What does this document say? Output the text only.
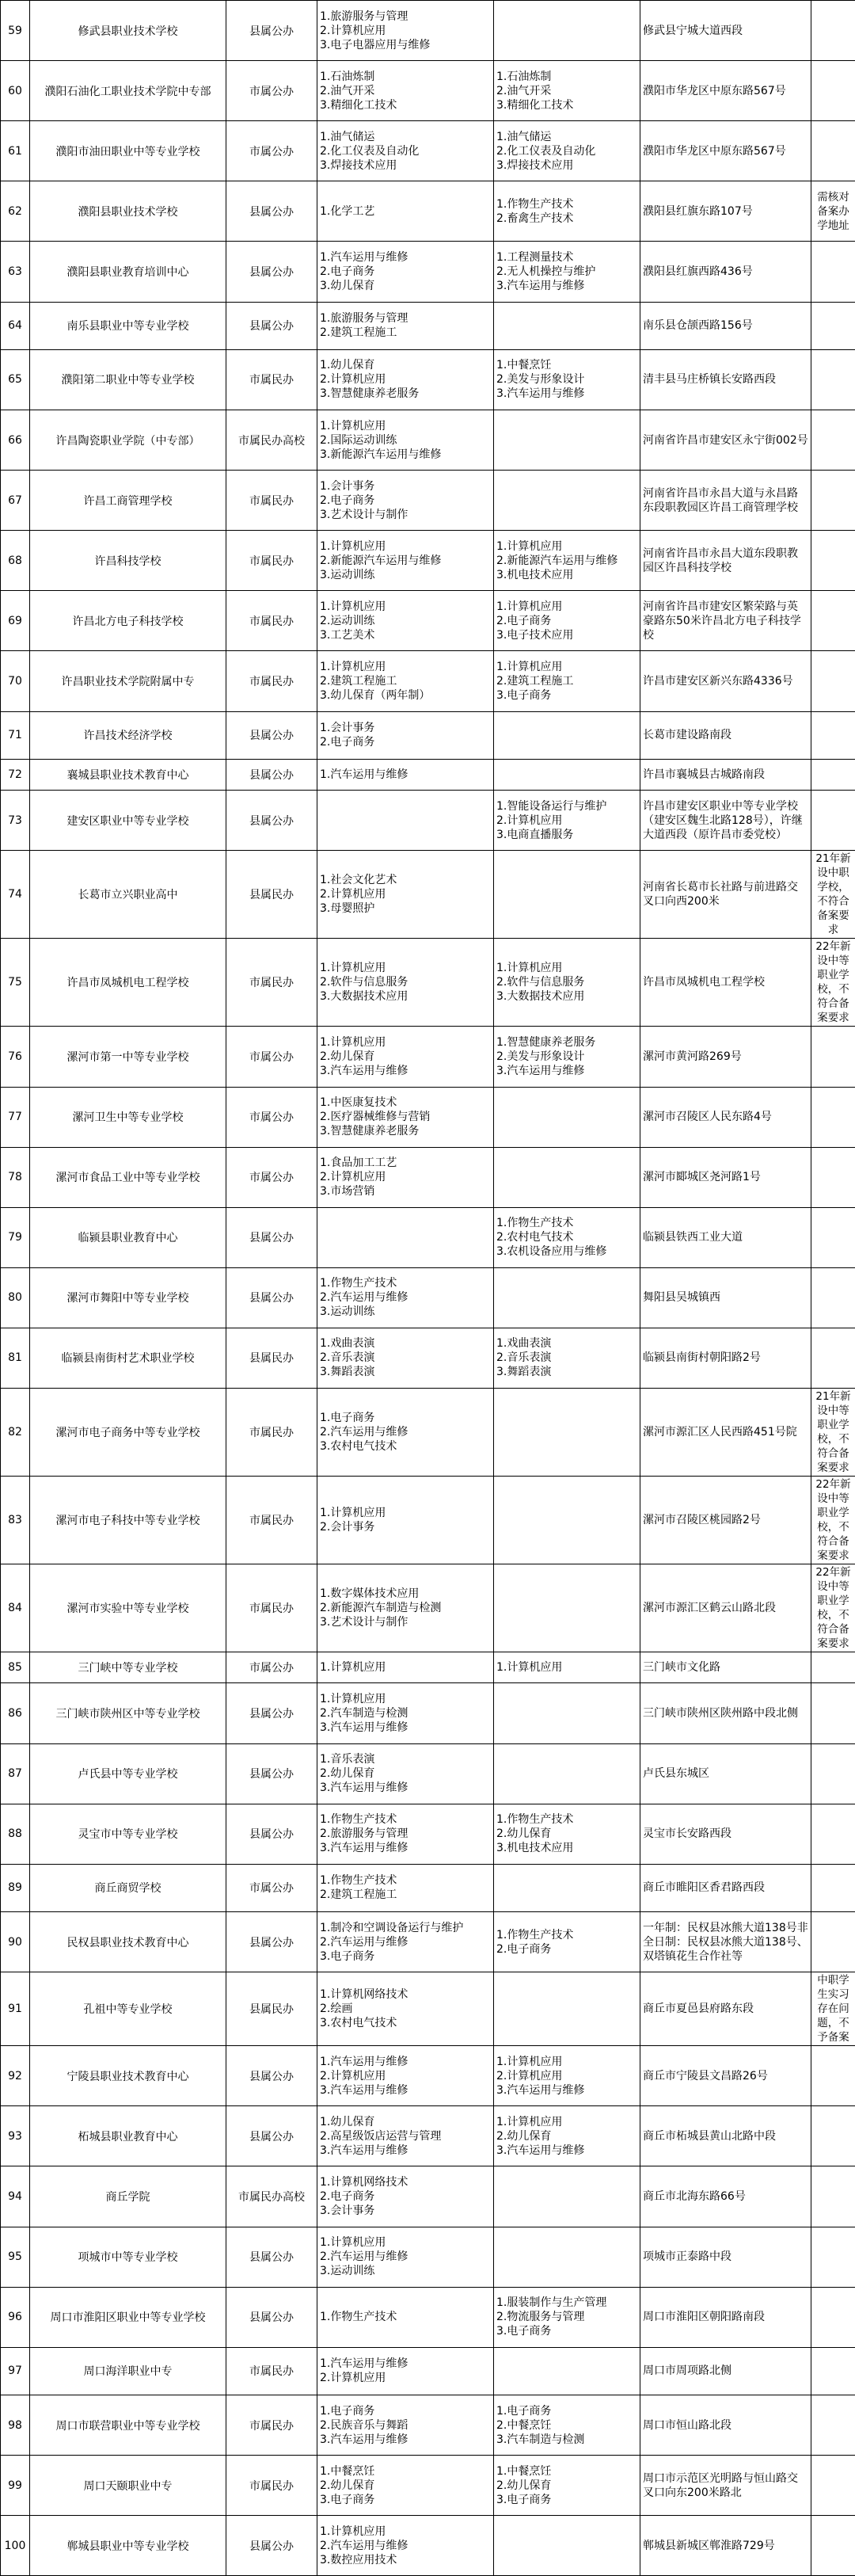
59	修武县职业技术学校	县属公办	1.旅游服务与管理
2.计算机应用
3.电子电器应用与维修		修武县宁城大道西段	

60	濮阳石油化工职业技术学院中专部	市属公办	1.石油炼制
2.油气开采
3.精细化工技术	1.石油炼制
2.油气开采
3.精细化工技术	濮阳市华龙区中原东路567号	

61	濮阳市油田职业中等专业学校	市属公办	1.油气储运
2.化工仪表及自动化
3.焊接技术应用	1.油气储运
2.化工仪表及自动化
3.焊接技术应用	濮阳市华龙区中原东路567号	

62	濮阳县职业技术学校	县属公办	1.化学工艺	1.作物生产技术
2.畜禽生产技术	濮阳县红旗东路107号	需核对备案办学地址

63	濮阳县职业教育培训中心	县属公办	1.汽车运用与维修
2.电子商务
3.幼儿保育	1.工程测量技术
2.无人机操控与维护
3.汽车运用与维修	濮阳县红旗西路436号	

64	南乐县职业中等专业学校	县属公办	1.旅游服务与管理
2.建筑工程施工		南乐县仓颉西路156号	

65	濮阳第二职业中等专业学校	市属民办	1.幼儿保育
2.计算机应用
3.智慧健康养老服务	1.中餐烹饪
2.美发与形象设计
3.汽车运用与维修	清丰县马庄桥镇长安路西段	

66	许昌陶瓷职业学院（中专部）	市属民办高校	1.计算机应用
2.国际运动训练
3.新能源汽车运用与维修		河南省许昌市建安区永宁街002号	

67	许昌工商管理学校	市属民办	1.会计事务
2.电子商务
3.艺术设计与制作		河南省许昌市永昌大道与永昌路东段职教园区许昌工商管理学校	

68	许昌科技学校	市属民办	1.计算机应用
2.新能源汽车运用与维修
3.运动训练	1.计算机应用
2.新能源汽车运用与维修
3.机电技术应用	河南省许昌市永昌大道东段职教园区许昌科技学校	

69	许昌北方电子科技学校	市属民办	1.计算机应用
2.运动训练
3.工艺美术	1.计算机应用
2.电子商务
3.电子技术应用	河南省许昌市建安区繁荣路与英豪路东50米许昌北方电子科技学校	

70	许昌职业技术学院附属中专	市属民办	1.计算机应用
2.建筑工程施工
3.幼儿保育（两年制）	1.计算机应用
2.建筑工程施工
3.电子商务	许昌市建安区新兴东路4336号	

71	许昌技术经济学校	县属公办	1.会计事务
2.电子商务		长葛市建设路南段	

72	襄城县职业技术教育中心	县属公办	1.汽车运用与维修		许昌市襄城县古城路南段	

73	建安区职业中等专业学校	县属公办		1.智能设备运行与维护
2.计算机应用
3.电商直播服务	许昌市建安区职业中等专业学校（建安区魏生北路128号），许继大道西段（原许昌市委党校）	

74	长葛市立兴职业高中	县属民办	1.社会文化艺术
2.计算机应用
3.母婴照护		河南省长葛市长社路与前进路交叉口向西200米	21年新设中职学校，不符合备案要求

75	许昌市凤城机电工程学校	市属民办	1.计算机应用
2.软件与信息服务
3.大数据技术应用	1.计算机应用
2.软件与信息服务
3.大数据技术应用	许昌市凤城机电工程学校	22年新设中等职业学校，不符合备案要求

76	漯河市第一中等专业学校	市属公办	1.计算机应用
2.幼儿保育
3.汽车运用与维修	1.智慧健康养老服务
2.美发与形象设计
3.汽车运用与维修	漯河市黄河路269号	

77	漯河卫生中等专业学校	市属公办	1.中医康复技术
2.医疗器械维修与营销
3.智慧健康养老服务		漯河市召陵区人民东路4号	

78	漯河市食品工业中等专业学校	市属公办	1.食品加工工艺
2.计算机应用
3.市场营销		漯河市郾城区尧河路1号	

79	临颍县职业教育中心	县属公办		1.作物生产技术
2.农村电气技术
3.农机设备应用与维修	临颍县铁西工业大道	

80	漯河市舞阳中等专业学校	县属公办	1.作物生产技术
2.汽车运用与维修
3.运动训练		舞阳县吴城镇西	

81	临颍县南街村艺术职业学校	县属民办	1.戏曲表演
2.音乐表演
3.舞蹈表演	1.戏曲表演
2.音乐表演
3.舞蹈表演	临颍县南街村朝阳路2号	

82	漯河市电子商务中等专业学校	市属民办	1.电子商务
2.汽车运用与维修
3.农村电气技术		漯河市源汇区人民西路451号院	21年新设中等职业学校，不符合备案要求

83	漯河市电子科技中等专业学校	市属民办	1.计算机应用
2.会计事务		漯河市召陵区桃园路2号	22年新设中等职业学校，不符合备案要求

84	漯河市实验中等专业学校	市属民办	1.数字媒体技术应用
2.新能源汽车制造与检测
3.艺术设计与制作		漯河市源汇区鹤云山路北段	22年新设中等职业学校，不符合备案要求

85	三门峡中等专业学校	市属公办	1.计算机应用	1.计算机应用	三门峡市文化路	

86	三门峡市陕州区中等专业学校	县属公办	1.计算机应用
2.汽车制造与检测
3.汽车运用与维修		三门峡市陕州区陕州路中段北侧	

87	卢氏县中等专业学校	县属公办	1.音乐表演
2.幼儿保育
3.汽车运用与维修		卢氏县东城区	

88	灵宝市中等专业学校	县属公办	1.作物生产技术
2.旅游服务与管理
3.汽车运用与维修	1.作物生产技术
2.幼儿保育
3.机电技术应用	灵宝市长安路西段	

89	商丘商贸学校	市属公办	1.作物生产技术
2.建筑工程施工		商丘市睢阳区香君路西段	

90	民权县职业技术教育中心	县属公办	1.制冷和空调设备运行与维护
2.汽车运用与维修
3.电子商务	1.作物生产技术
2.电子商务	一年制：民权县冰熊大道138号非全日制：民权县冰熊大道138号、双塔镇花生合作社等	

91	孔祖中等专业学校	县属民办	1.计算机网络技术
2.绘画
3.农村电气技术		商丘市夏邑县府路东段	中职学生实习存在问题，不予备案

92	宁陵县职业技术教育中心	县属公办	1.汽车运用与维修
2.计算机应用
3.汽车运用与维修	1.计算机应用
2.计算机应用
3.汽车运用与维修	商丘市宁陵县文昌路26号	

93	柘城县职业教育中心	县属公办	1.幼儿保育
2.高星级饭店运营与管理
3.汽车运用与维修	1.计算机应用
2.幼儿保育
3.汽车运用与维修	商丘市柘城县黄山北路中段	

94	商丘学院	市属民办高校	1.计算机网络技术
2.电子商务
3.会计事务		商丘市北海东路66号	

95	项城市中等专业学校	县属公办	1.计算机应用
2.汽车运用与维修
3.运动训练		项城市正泰路中段	

96	周口市淮阳区职业中等专业学校	县属公办	1.作物生产技术	1.服装制作与生产管理
2.物流服务与管理
3.电子商务	周口市淮阳区朝阳路南段	

97	周口海洋职业中专	市属民办	1.汽车运用与维修
2.计算机应用		周口市周项路北侧	

98	周口市联营职业中等专业学校	市属民办	1.电子商务
2.民族音乐与舞蹈
3.汽车运用与维修	1.电子商务
2.中餐烹饪
3.汽车制造与检测	周口市恒山路北段	

99	周口天颐职业中专	市属民办	1.中餐烹饪
2.幼儿保育
3.电子商务	1.中餐烹饪
2.幼儿保育
3.电子商务	周口市示范区光明路与恒山路交叉口向东200米路北	

100	郸城县职业中等专业学校	县属公办	1.计算机应用
2.汽车运用与维修
3.数控应用技术		郸城县新城区郸淮路729号	
